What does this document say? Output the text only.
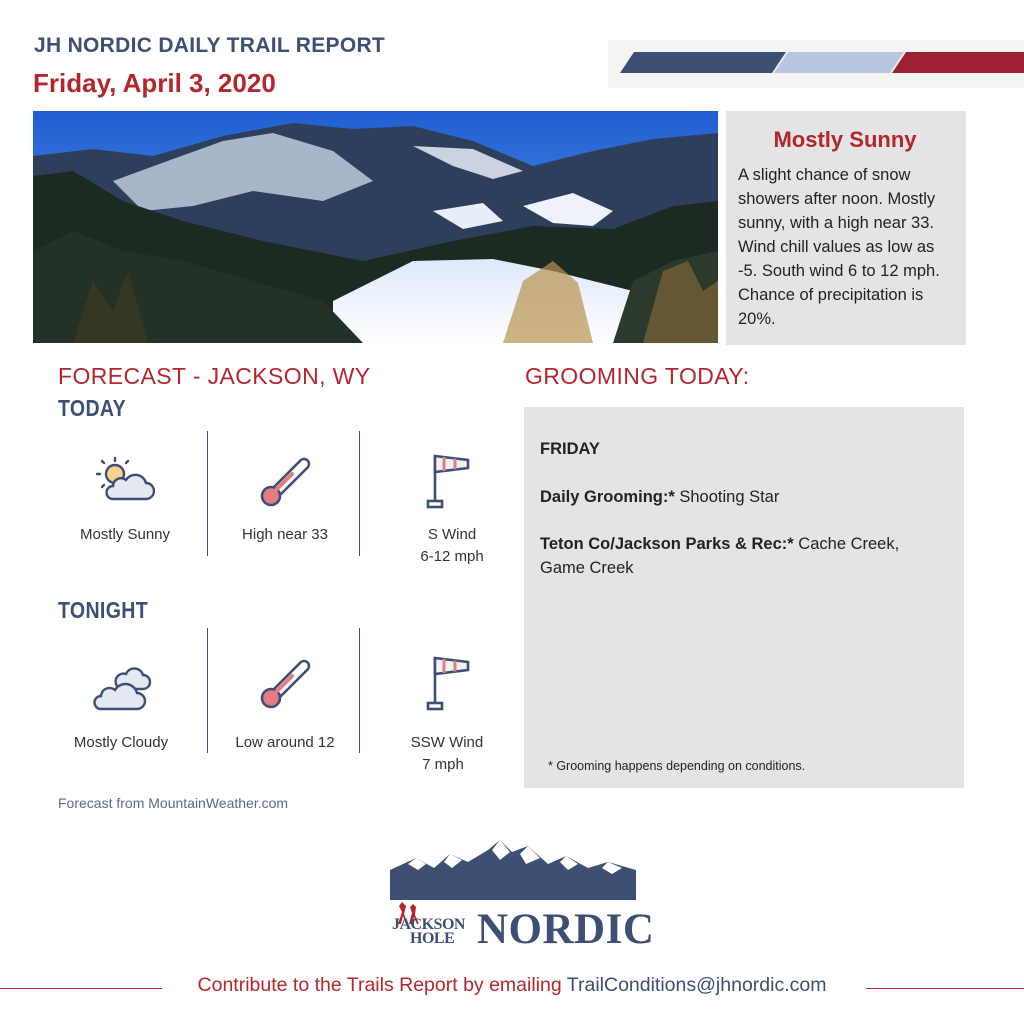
JH NORDIC DAILY TRAIL REPORT
Friday, April 3, 2020
Mostly Sunny
A slight chance of snow showers after noon. Mostly sunny, with a high near 33. Wind chill values as low as -5. South wind 6 to 12 mph. Chance of precipitation is 20%.
FORECAST - JACKSON, WY
TODAY
TONIGHT
Mostly Sunny	High near 33	S Wind
6-12 mph
Mostly Cloudy	Low around 12	SSW Wind
7 mph
Forecast from MountainWeather.com
GROOMING TODAY:
FRIDAY
Daily Grooming:* Shooting Star
Teton Co/Jackson Parks & Rec:* Cache Creek, Game Creek
* Grooming happens depending on conditions.
JACKSON
HOLE NORDIC
Contribute to the Trails Report by emailing TrailConditions@jhnordic.com
